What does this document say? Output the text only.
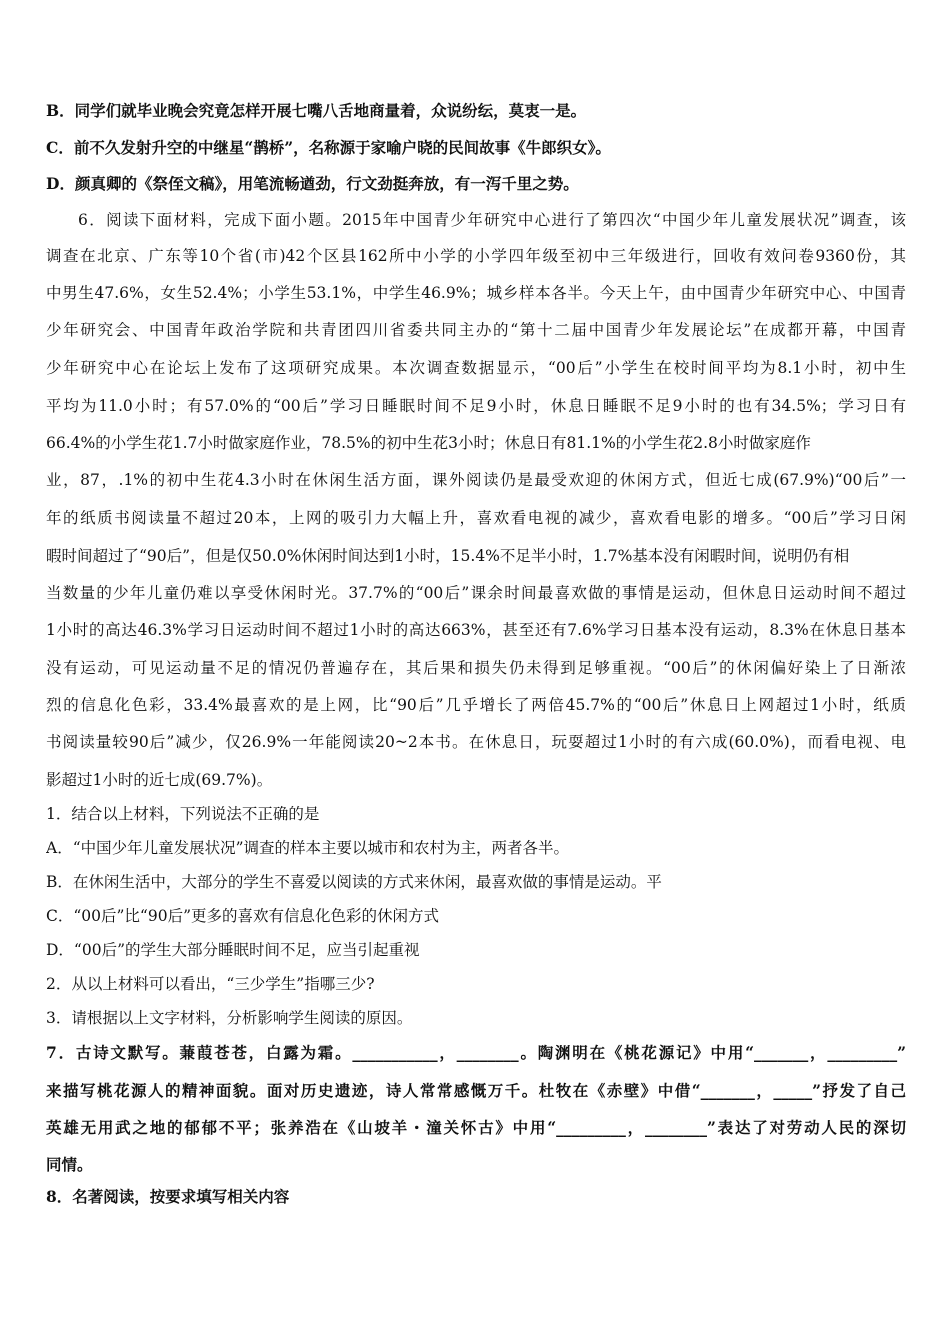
B．同学们就毕业晚会究竟怎样开展七嘴八舌地商量着，众说纷纭，莫衷一是。
C．前不久发射升空的中继星“鹊桥”，名称源于家喻户晓的民间故事《牛郎织女》。
D．颜真卿的《祭侄文稿》，用笔流畅遒劲，行文劲挺奔放，有一泻千里之势。
6．阅读下面材料，完成下面小题。2015年中国青少年研究中心进行了第四次“中国少年儿童发展状况”调查，该
调查在北京、广东等10个省(市)42个区县162所中小学的小学四年级至初中三年级进行，回收有效问卷9360份，其
中男生47.6%，女生52.4%；小学生53.1%，中学生46.9%；城乡样本各半。今天上午，由中国青少年研究中心、中国青
少年研究会、中国青年政治学院和共青团四川省委共同主办的“第十二届中国青少年发展论坛”在成都开幕，中国青
少年研究中心在论坛上发布了这项研究成果。本次调查数据显示，“00后”小学生在校时间平均为8.1小时，初中生
平均为11.0小时；有57.0%的“00后”学习日睡眠时间不足9小时，休息日睡眠不足9小时的也有34.5%；学习日有
66.4%的小学生花1.7小时做家庭作业，78.5%的初中生花3小时；休息日有81.1%的小学生花2.8小时做家庭作
业，87，.1%的初中生花4.3小时在休闲生活方面，课外阅读仍是最受欢迎的休闲方式，但近七成(67.9%)“00后”一
年的纸质书阅读量不超过20本，上网的吸引力大幅上升，喜欢看电视的减少，喜欢看电影的增多。“00后”学习日闲
暇时间超过了“90后”，但是仅50.0%休闲时间达到1小时，15.4%不足半小时，1.7%基本没有闲暇时间，说明仍有相
当数量的少年儿童仍难以享受休闲时光。37.7%的“00后”课余时间最喜欢做的事情是运动，但休息日运动时间不超过
1小时的高达46.3%学习日运动时间不超过1小时的高达663%，甚至还有7.6%学习日基本没有运动，8.3%在休息日基本
没有运动，可见运动量不足的情况仍普遍存在，其后果和损失仍未得到足够重视。“00后”的休闲偏好染上了日渐浓
烈的信息化色彩，33.4%最喜欢的是上网，比“90后”几乎增长了两倍45.7%的“00后”休息日上网超过1小时，纸质
书阅读量较90后”减少，仅26.9%一年能阅读20~2本书。在休息日，玩耍超过1小时的有六成(60.0%)，而看电视、电
影超过1小时的近七成(69.7%)。
1．结合以上材料，下列说法不正确的是
A．“中国少年儿童发展状况”调查的样本主要以城市和农村为主，两者各半。
B．在休闲生活中，大部分的学生不喜爱以阅读的方式来休闲，最喜欢做的事情是运动。平
C．“00后”比“90后”更多的喜欢有信息化色彩的休闲方式
D．“00后”的学生大部分睡眠时间不足，应当引起重视
2．从以上材料可以看出，“三少学生”指哪三少?
3．请根据以上文字材料，分析影响学生阅读的原因。
7．古诗文默写。蒹葭苍苍，白露为霜。___________，________。陶渊明在《桃花源记》中用“_______，_________”
来描写桃花源人的精神面貌。面对历史遗迹，诗人常常感慨万千。杜牧在《赤壁》中借“_______，_____”抒发了自己
英雄无用武之地的郁郁不平；张养浩在《山坡羊・潼关怀古》中用“_________，________”表达了对劳动人民的深切
同情。
8．名著阅读，按要求填写相关内容
